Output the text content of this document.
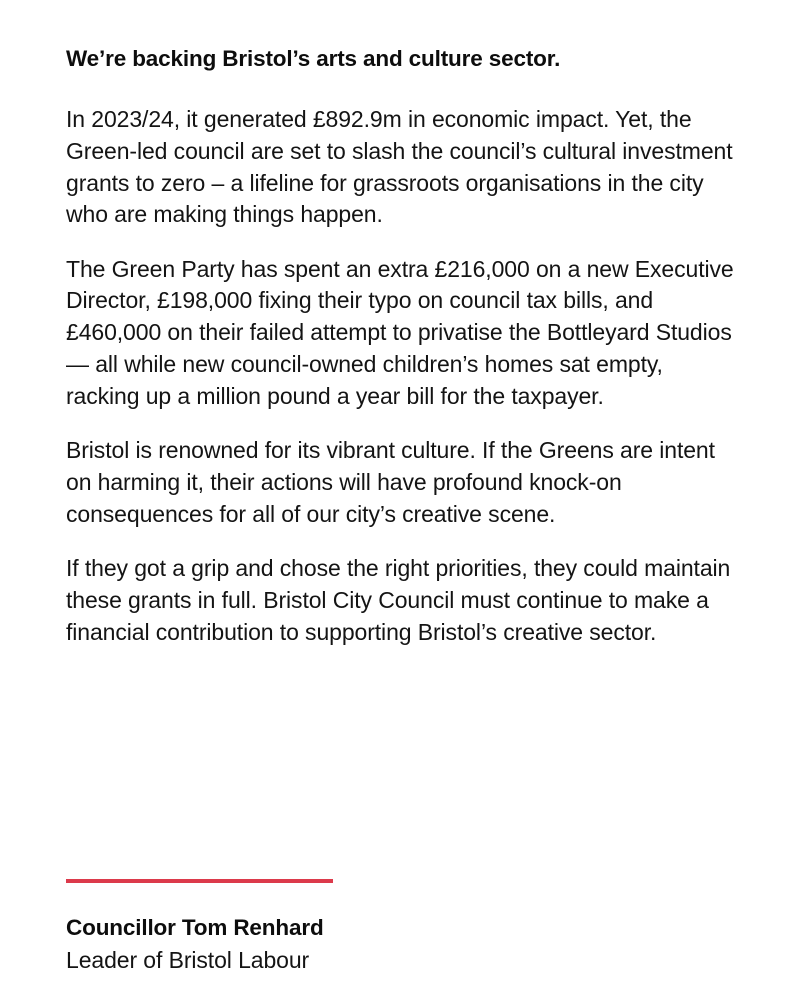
We’re backing Bristol’s arts and culture sector.

In 2023/24, it generated £892.9m in economic impact. Yet, the Green-led council are set to slash the council’s cultural investment grants to zero – a lifeline for grassroots organisations in the city who are making things happen.

The Green Party has spent an extra £216,000 on a new Executive Director, £198,000 fixing their typo on council tax bills, and £460,000 on their failed attempt to privatise the Bottleyard Studios — all while new council-owned children’s homes sat empty, racking up a million pound a year bill for the taxpayer.

Bristol is renowned for its vibrant culture. If the Greens are intent on harming it, their actions will have profound knock-on consequences for all of our city’s creative scene.

If they got a grip and chose the right priorities, they could maintain these grants in full. Bristol City Council must continue to make a financial contribution to supporting Bristol’s creative sector.

Councillor Tom Renhard

Leader of Bristol Labour
